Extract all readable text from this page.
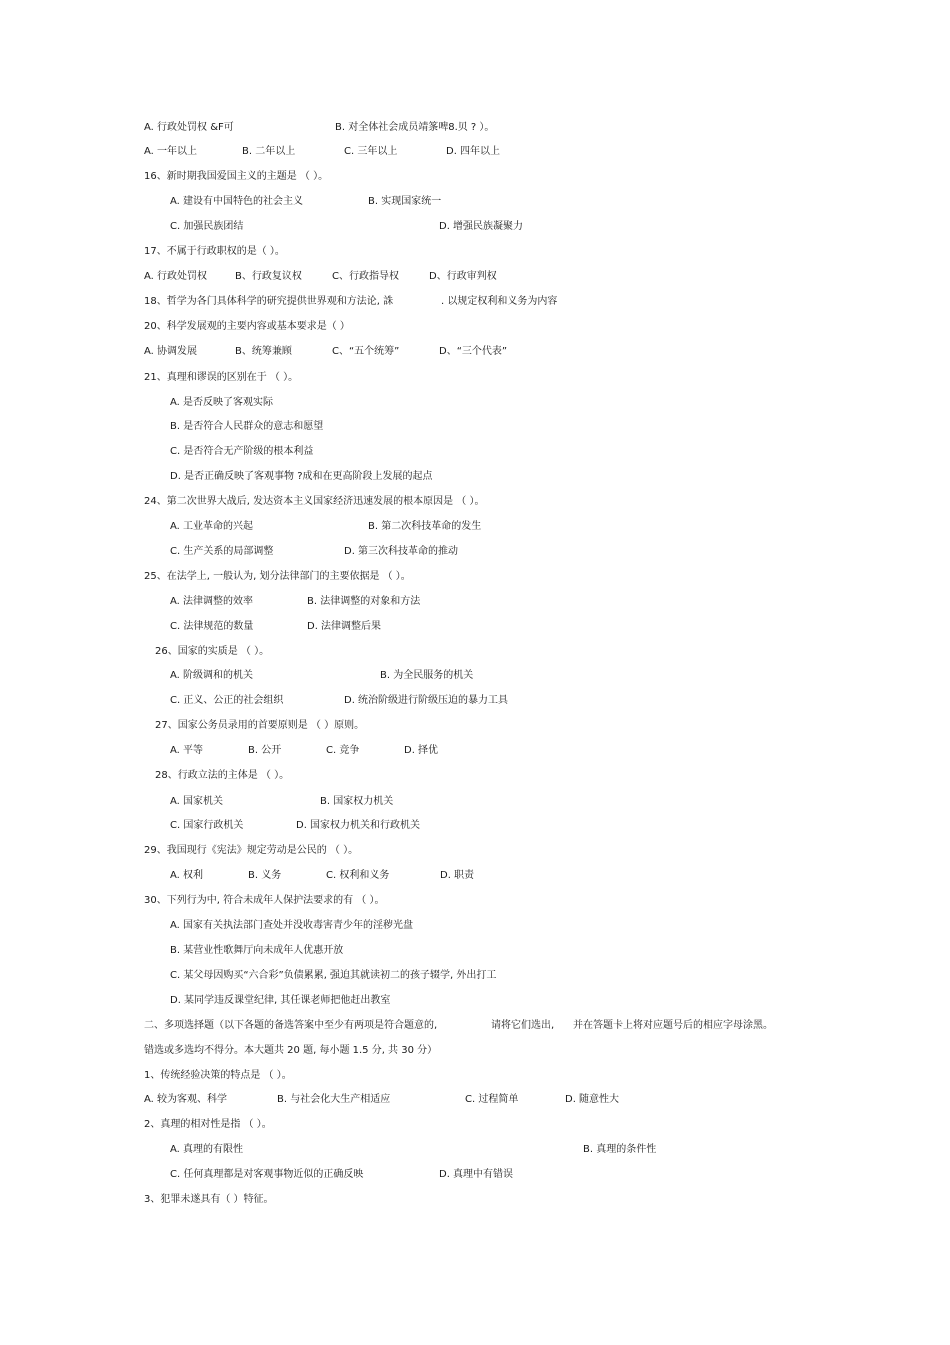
A. 行政处罚权 &F可	B. 对全体社会成员靖筿啤8.贝 ? ）。
A. 一年以上	B. 二年以上	C. 三年以上	D. 四年以上
16、新时期我国爱国主义的主题是 （ ）。
A. 建设有中国特色的社会主义	B. 实现国家统一
C. 加强民族团结	D. 增强民族凝聚力
17、不属于行政职权的是（ ）。
A. 行政处罚权	B、行政复议权	C、行政指导权	D、行政审判权
18、哲学为各门具体科学的研究提供世界观和方法论, 誅	. 以规定权利和义务为内容
20、科学发展观的主要内容或基本要求是（ ）
A. 协调发展	B、统筹兼顾	C、“五个统筹”	D、“三个代表”
21、真理和谬误的区别在于 （ ）。
A. 是否反映了客观实际
B. 是否符合人民群众的意志和愿望
C. 是否符合无产阶级的根本利益
D. 是否正确反映了客观事物 ?成和在更高阶段上发展的起点
24、第二次世界大战后, 发达资本主义国家经济迅速发展的根本原因是 （ ）。
A. 工业革命的兴起	B. 第二次科技革命的发生
C. 生产关系的局部调整	D. 第三次科技革命的推动
25、在法学上, 一般认为, 划分法律部门的主要依据是 （ ）。
A. 法律调整的效率	B. 法律调整的对象和方法
C. 法律规范的数量	D. 法律调整后果
26、国家的实质是 （ ）。
A. 阶级调和的机关	B. 为全民服务的机关
C. 正义、公正的社会组织	D. 统治阶级进行阶级压迫的暴力工具
27、国家公务员录用的首要原则是 （ ）原则。
A. 平等	B. 公开	C. 竞争	D. 择优
28、行政立法的主体是 （ ）。
A. 国家机关	B. 国家权力机关
C. 国家行政机关	D. 国家权力机关和行政机关
29、我国现行《宪法》规定劳动是公民的 （ ）。
A. 权利	B. 义务	C. 权利和义务	D. 职责
30、下列行为中, 符合未成年人保护法要求的有 （ ）。
A. 国家有关执法部门查处并没收毒害青少年的淫秽光盘
B. 某营业性歌舞厅向未成年人优惠开放
C. 某父母因购买“六合彩”负债累累, 强迫其就读初二的孩子辍学, 外出打工
D. 某同学违反课堂纪律, 其任课老师把他赶出教室
二、多项选择题（以下各题的备选答案中至少有两项是符合题意的,	请将它们选出, 并在答题卡上将对应题号后的相应字母涂黑。
错选或多选均不得分。本大题共 20 题, 每小题 1.5 分, 共 30 分）
1、传统经验决策的特点是 （ ）。
A. 较为客观、科学	B. 与社会化大生产相适应	C. 过程简单	D. 随意性大
2、真理的相对性是指 （ ）。
A. 真理的有限性	B. 真理的条件性
C. 任何真理都是对客观事物近似的正确反映	D. 真理中有错误
3、犯罪未遂具有（ ）特征。
